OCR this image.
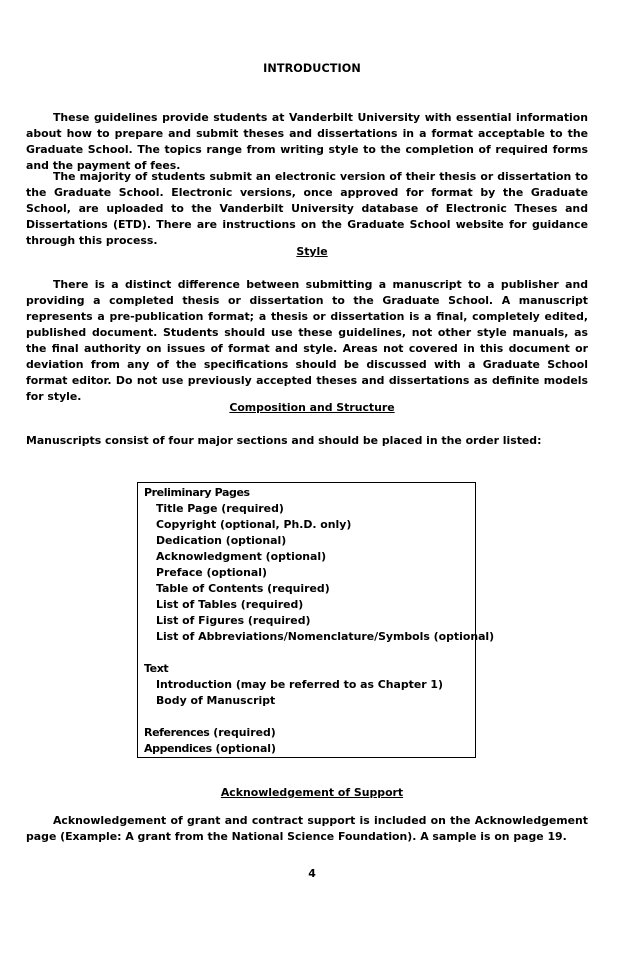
INTRODUCTION

These guidelines provide students at Vanderbilt University with essential information about how to prepare and submit theses and dissertations in a format acceptable to the Graduate School. The topics range from writing style to the completion of required forms and the payment of fees.

The majority of students submit an electronic version of their thesis or dissertation to the Graduate School. Electronic versions, once approved for format by the Graduate School, are uploaded to the Vanderbilt University database of Electronic Theses and Dissertations (ETD). There are instructions on the Graduate School website for guidance through this process.

Style

There is a distinct difference between submitting a manuscript to a publisher and providing a completed thesis or dissertation to the Graduate School. A manuscript represents a pre-publication format; a thesis or dissertation is a final, completely edited, published document. Students should use these guidelines, not other style manuals, as the final authority on issues of format and style. Areas not covered in this document or deviation from any of the specifications should be discussed with a Graduate School format editor. Do not use previously accepted theses and dissertations as definite models for style.

Composition and Structure
Manuscripts consist of four major sections and should be placed in the order listed:
Preliminary Pages
Title Page (required)
Copyright (optional, Ph.D. only)
Dedication (optional)
Acknowledgment (optional)
Preface (optional)
Table of Contents (required)
List of Tables (required)
List of Figures (required)
List of Abbreviations/Nomenclature/Symbols (optional)
Text
Introduction (may be referred to as Chapter 1)
Body of Manuscript
References (required)
Appendices (optional)
Acknowledgement of Support

Acknowledgement of grant and contract support is included on the Acknowledgement page (Example: A grant from the National Science Foundation). A sample is on page 19.

4
